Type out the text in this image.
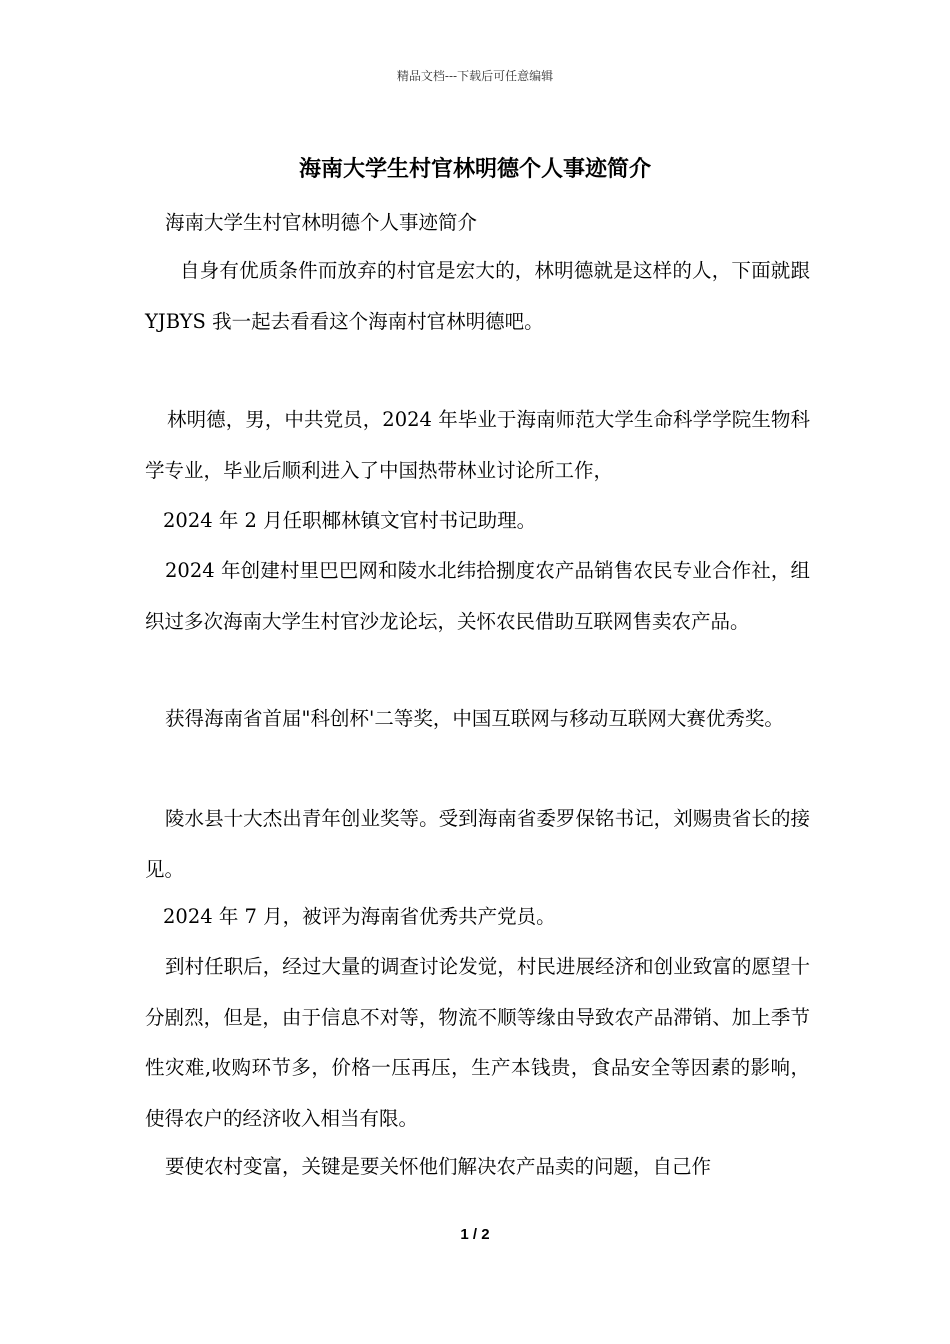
精品文档---下载后可任意编辑
海南大学生村官林明德个人事迹简介
海南大学生村官林明德个人事迹简介
自身有优质条件而放弃的村官是宏大的，林明德就是这样的人，下面就跟 YJBYS 我一起去看看这个海南村官林明德吧。
林明德，男，中共党员，2024 年毕业于海南师范大学生命科学学院生物科学专业，毕业后顺利进入了中国热带林业讨论所工作，
2024 年 2 月任职椰林镇文官村书记助理。
2024 年创建村里巴巴网和陵水北纬拾捌度农产品销售农民专业合作社，组织过多次海南大学生村官沙龙论坛，关怀农民借助互联网售卖农产品。
获得海南省首届"科创杯'二等奖，中国互联网与移动互联网大赛优秀奖。
陵水县十大杰出青年创业奖等。受到海南省委罗保铭书记，刘赐贵省长的接见。
2024 年 7 月，被评为海南省优秀共产党员。
到村任职后，经过大量的调查讨论发觉，村民进展经济和创业致富的愿望十分剧烈，但是，由于信息不对等，物流不顺等缘由导致农产品滞销、加上季节性灾难,收购环节多，价格一压再压，生产本钱贵，食品安全等因素的影响，使得农户的经济收入相当有限。
要使农村变富，关键是要关怀他们解决农产品卖的问题，自己作
1 / 2
